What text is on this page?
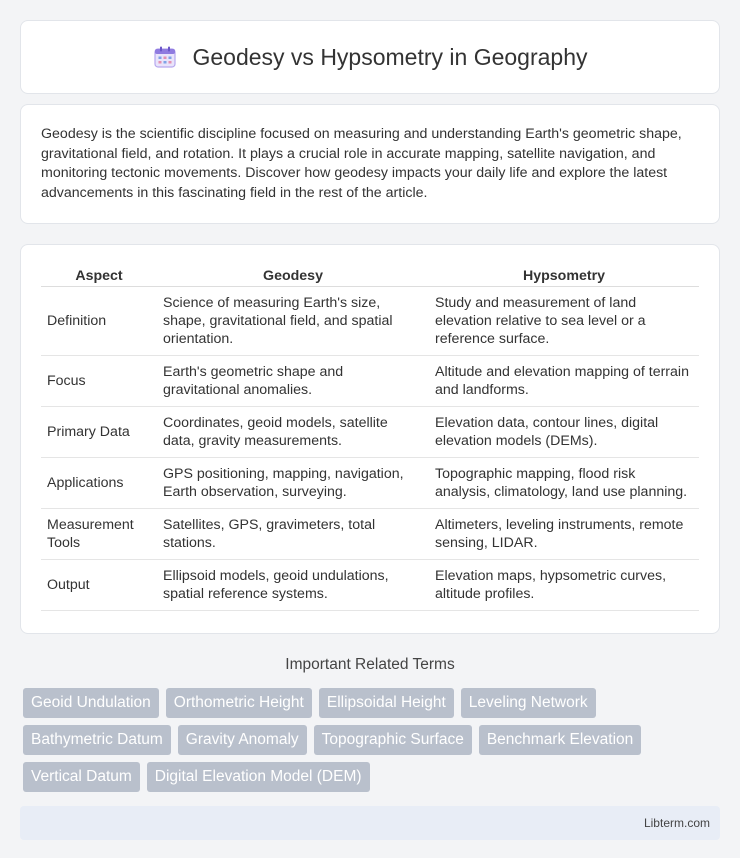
Geodesy vs Hypsometry in Geography

Geodesy is the scientific discipline focused on measuring and understanding Earth's geometric shape, gravitational field, and rotation. It plays a crucial role in accurate mapping, satellite navigation, and monitoring tectonic movements. Discover how geodesy impacts your daily life and explore the latest advancements in this fascinating field in the rest of the article.

Aspect	Geodesy	Hypsometry
Definition	Science of measuring Earth's size, shape, gravitational field, and spatial orientation.	Study and measurement of land elevation relative to sea level or a reference surface.
Focus	Earth's geometric shape and gravitational anomalies.	Altitude and elevation mapping of terrain and landforms.
Primary Data	Coordinates, geoid models, satellite data, gravity measurements.	Elevation data, contour lines, digital elevation models (DEMs).
Applications	GPS positioning, mapping, navigation, Earth observation, surveying.	Topographic mapping, flood risk analysis, climatology, land use planning.
Measurement Tools	Satellites, GPS, gravimeters, total stations.	Altimeters, leveling instruments, remote sensing, LIDAR.
Output	Ellipsoid models, geoid undulations, spatial reference systems.	Elevation maps, hypsometric curves, altitude profiles.
Important Related Terms
Geoid Undulation	Orthometric Height	Ellipsoidal Height	Leveling Network
Bathymetric Datum	Gravity Anomaly	Topographic Surface	Benchmark Elevation
Vertical Datum	Digital Elevation Model (DEM)
Libterm.com
